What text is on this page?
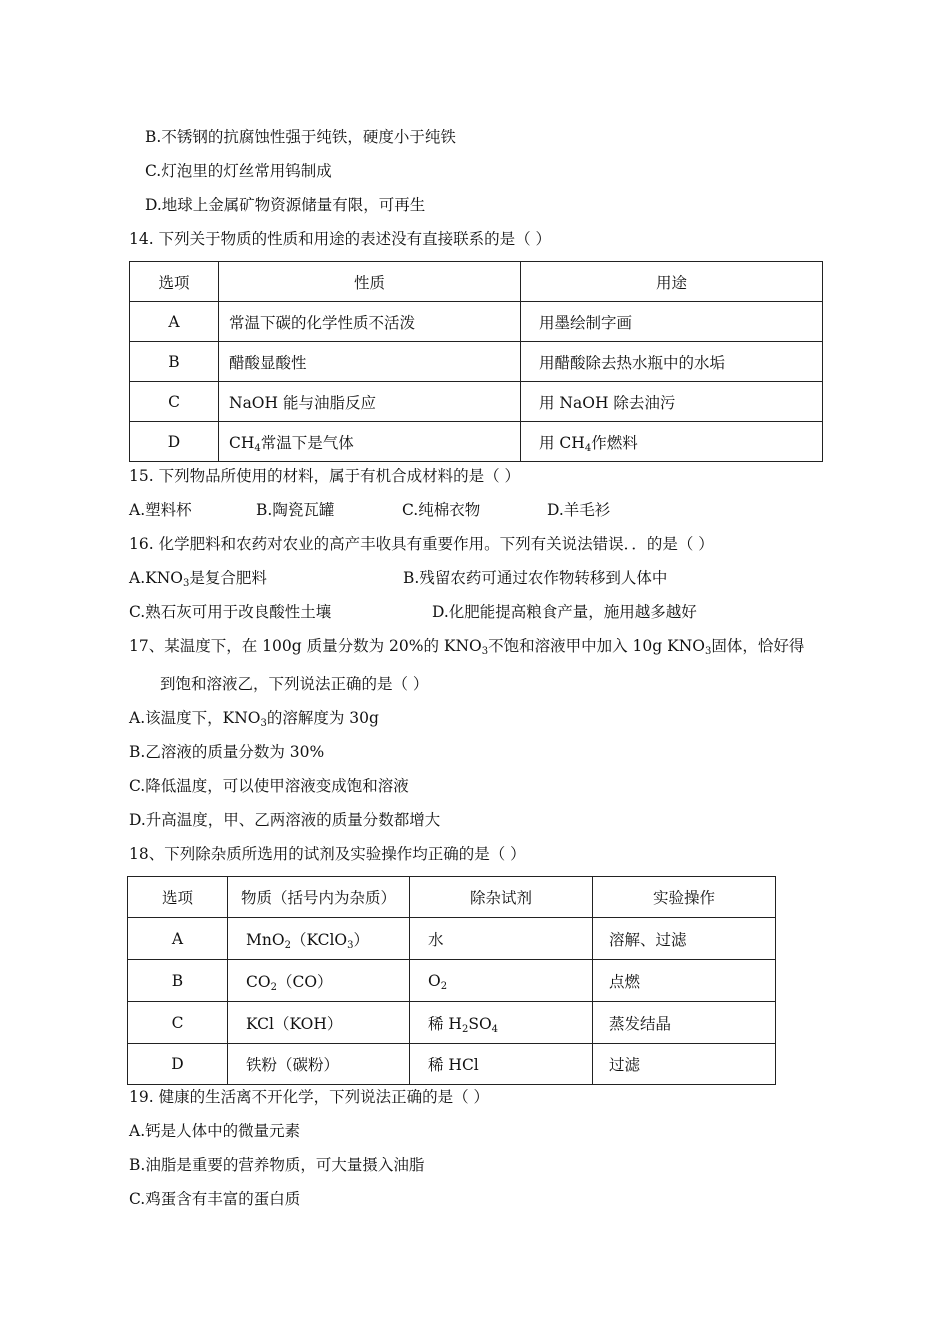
B.不锈钢的抗腐蚀性强于纯铁，硬度小于纯铁
C.灯泡里的灯丝常用钨制成
D.地球上金属矿物资源储量有限，可再生
14. 下列关于物质的性质和用途的表述没有直接联系的是（ ）
选项	性质	用途
A	常温下碳的化学性质不活泼	用墨绘制字画
B	醋酸显酸性	用醋酸除去热水瓶中的水垢
C	NaOH 能与油脂反应	用 NaOH 除去油污
D	$CH_4$常温下是气体	用 $CH_4$作燃料
15. 下列物品所使用的材料，属于有机合成材料的是（ ）
A.塑料杯	B.陶瓷瓦罐	C.纯棉衣物	D.羊毛衫
16. 化学肥料和农药对农业的高产丰收具有重要作用。下列有关说法错误．．的是（ ）
$A.KNO_3$是复合肥料	B.残留农药可通过农作物转移到人体中
C.熟石灰可用于改良酸性土壤	D.化肥能提高粮食产量，施用越多越好
17、某温度下，在 100g 质量分数为 20%的 $KNO_3$不饱和溶液甲中加入 10g $KNO_3$固体，恰好得
到饱和溶液乙，下列说法正确的是（ ）
A.该温度下，$KNO_3$的溶解度为 30g
B.乙溶液的质量分数为 30%
C.降低温度，可以使甲溶液变成饱和溶液
D.升高温度，甲、乙两溶液的质量分数都增大
18、下列除杂质所选用的试剂及实验操作均正确的是（ ）
选项	物质（括号内为杂质）	除杂试剂	实验操作
A	MnO$_2$（KClO$_3$）	水	溶解、过滤
B	$CO_2(CO)$	$O_2$	点燃
C	KCl（KOH）	稀 $H_2SO_4$	蒸发结晶
D	铁粉（碳粉）	稀 HCl	过滤
19. 健康的生活离不开化学，下列说法正确的是（ ）
A.钙是人体中的微量元素
B.油脂是重要的营养物质，可大量摄入油脂
C.鸡蛋含有丰富的蛋白质
